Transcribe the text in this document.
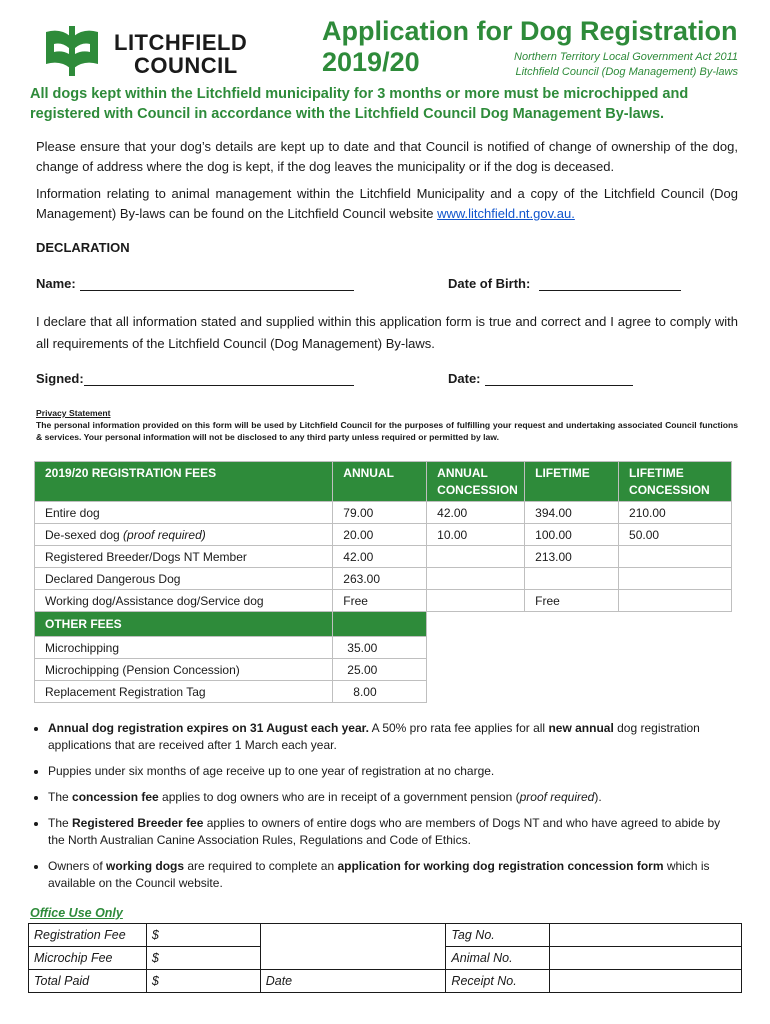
LITCHFIELD
COUNCIL
Application for Dog Registration
2019/20	Northern Territory Local Government Act 2011
Litchfield Council (Dog Management) By-laws
All dogs kept within the Litchfield municipality for 3 months or more must be microchipped and registered with Council in accordance with the Litchfield Council Dog Management By-laws.
Please ensure that your dog’s details are kept up to date and that Council is notified of change of ownership of the dog, change of address where the dog is kept, if the dog leaves the municipality or if the dog is deceased.
Information relating to animal management within the Litchfield Municipality and a copy of the Litchfield Council (Dog Management) By-laws can be found on the Litchfield Council website www.litchfield.nt.gov.au.
DECLARATION
Name:	Date of Birth:
I declare that all information stated and supplied within this application form is true and correct and I agree to comply with all requirements of the Litchfield Council (Dog Management) By-laws.
Signed:	Date:
Privacy Statement
The personal information provided on this form will be used by Litchfield Council for the purposes of fulfilling your request and undertaking associated Council functions & services. Your personal information will not be disclosed to any third party unless required or permitted by law.
2019/20 REGISTRATION FEES	ANNUAL	ANNUAL CONCESSION	LIFETIME	LIFETIME CONCESSION
Entire dog	79.00	42.00	394.00	210.00
De-sexed dog (proof required)	20.00	10.00	100.00	50.00
Registered Breeder/Dogs NT Member	42.00		213.00	
Declared Dangerous Dog	263.00			
Working dog/Assistance dog/Service dog	Free		Free	
OTHER FEES				
Microchipping	35.00			
Microchipping (Pension Concession)	25.00			
Replacement Registration Tag	8.00			
• Annual dog registration expires on 31 August each year. A 50% pro rata fee applies for all new annual dog registration applications that are received after 1 March each year.
• Puppies under six months of age receive up to one year of registration at no charge.
• The concession fee applies to dog owners who are in receipt of a government pension (proof required).
• The Registered Breeder fee applies to owners of entire dogs who are members of Dogs NT and who have agreed to abide by the North Australian Canine Association Rules, Regulations and Code of Ethics.
• Owners of working dogs are required to complete an application for working dog registration concession form which is available on the Council website.
Office Use Only
Registration Fee	$		Tag No.	
Microchip Fee	$		Animal No.	
Total Paid	$	Date	Receipt No.	
